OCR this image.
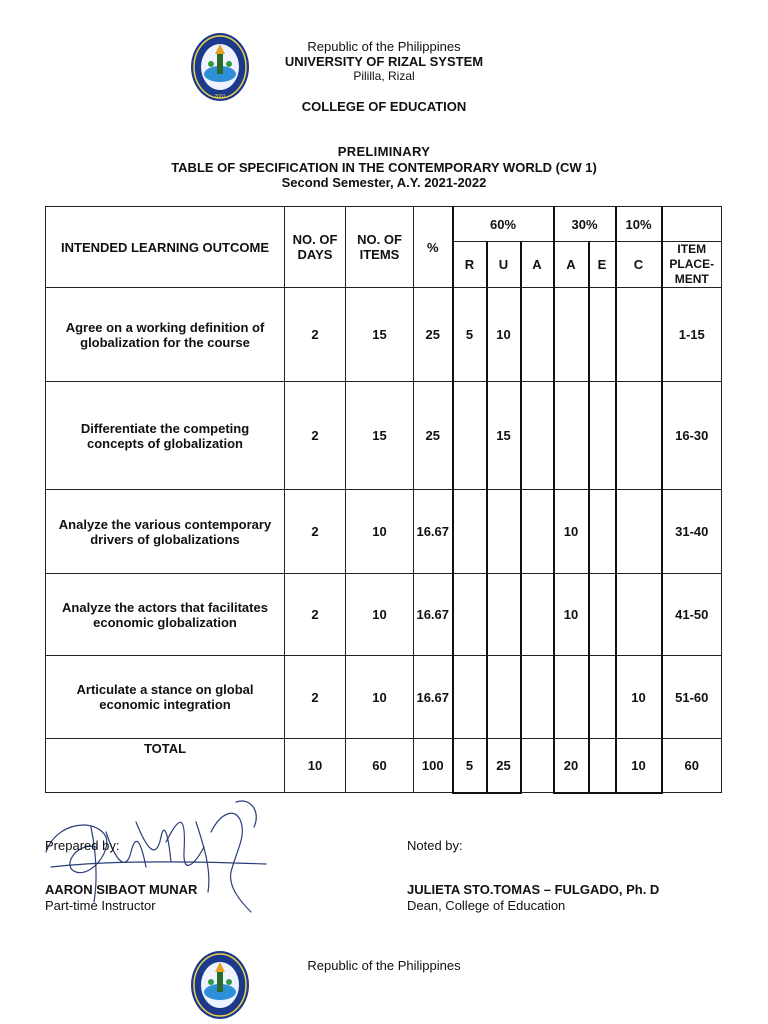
2001
Republic of the Philippines
UNIVERSITY OF RIZAL SYSTEM
Pililla, Rizal
COLLEGE OF EDUCATION
PRELIMINARY
TABLE OF SPECIFICATION IN THE CONTEMPORARY WORLD (CW 1)
Second Semester, A.Y. 2021-2022
INTENDED LEARNING OUTCOME	NO. OF DAYS	NO. OF ITEMS	%	60%			30%		10%	
				R	U	A	A	E	C	ITEM PLACE-MENT
Agree on a working definition of globalization for the course	2	15	25	5	10					1-15
Differentiate the competing concepts of globalization	2	15	25		15					16-30
Analyze the various contemporary drivers of globalizations	2	10	16.67				10			31-40
Analyze the actors that facilitates economic globalization	2	10	16.67				10			41-50
Articulate a stance on global economic integration	2	10	16.67						10	51-60
TOTAL	10	60	100	5	25		20		10	60
Prepared by:
AARON SIBAOT MUNAR
Part-time Instructor
Noted by:
JULIETA STO.TOMAS – FULGADO, Ph. D
Dean, College of Education
Republic of the Philippines
